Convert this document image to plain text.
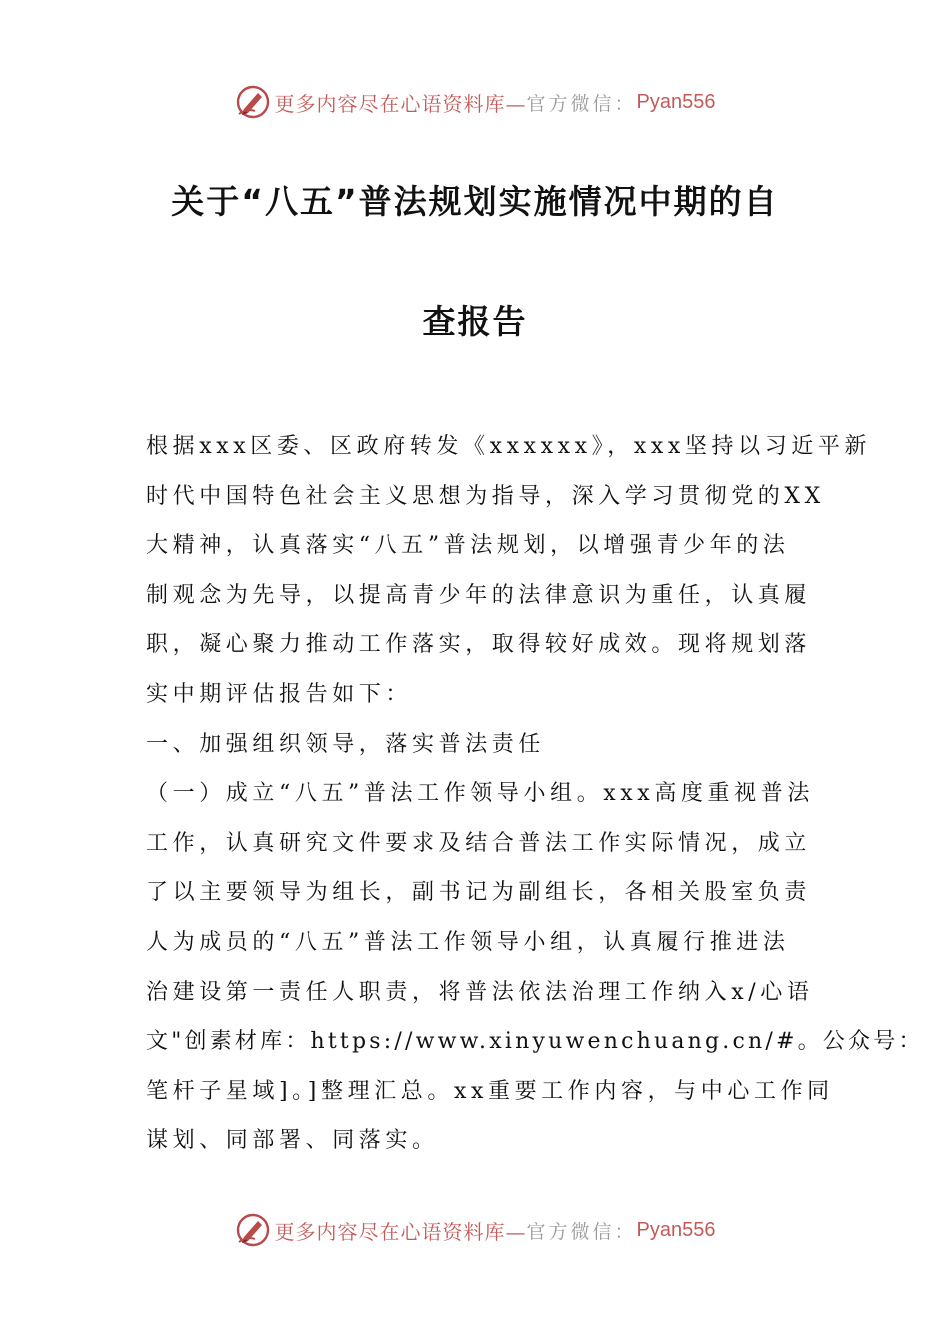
更多内容尽在心语资料库— 官方微信： Pyan556
关于“八五”普法规划实施情况中期的自
查报告
根据xxx区委、区政府转发《xxxxxx》，xxx坚持以习近平新
时代中国特色社会主义思想为指导，深入学习贯彻党的XX
大精神，认真落实“八五”普法规划，以增强青少年的法
制观念为先导，以提高青少年的法律意识为重任，认真履
职，凝心聚力推动工作落实，取得较好成效。现将规划落
实中期评估报告如下：
一、加强组织领导，落实普法责任
（一）成立“八五”普法工作领导小组。xxx高度重视普法
工作，认真研究文件要求及结合普法工作实际情况，成立
了以主要领导为组长，副书记为副组长，各相关股室负责
人为成员的“八五”普法工作领导小组，认真履行推进法
治建设第一责任人职责，将普法依法治理工作纳入x/心语
文"创素材库：https://www.xinyuwenchuang.cn/#。公众号：
笔杆子星域]。]整理汇总。xx重要工作内容，与中心工作同
谋划、同部署、同落实。
更多内容尽在心语资料库— 官方微信： Pyan556
